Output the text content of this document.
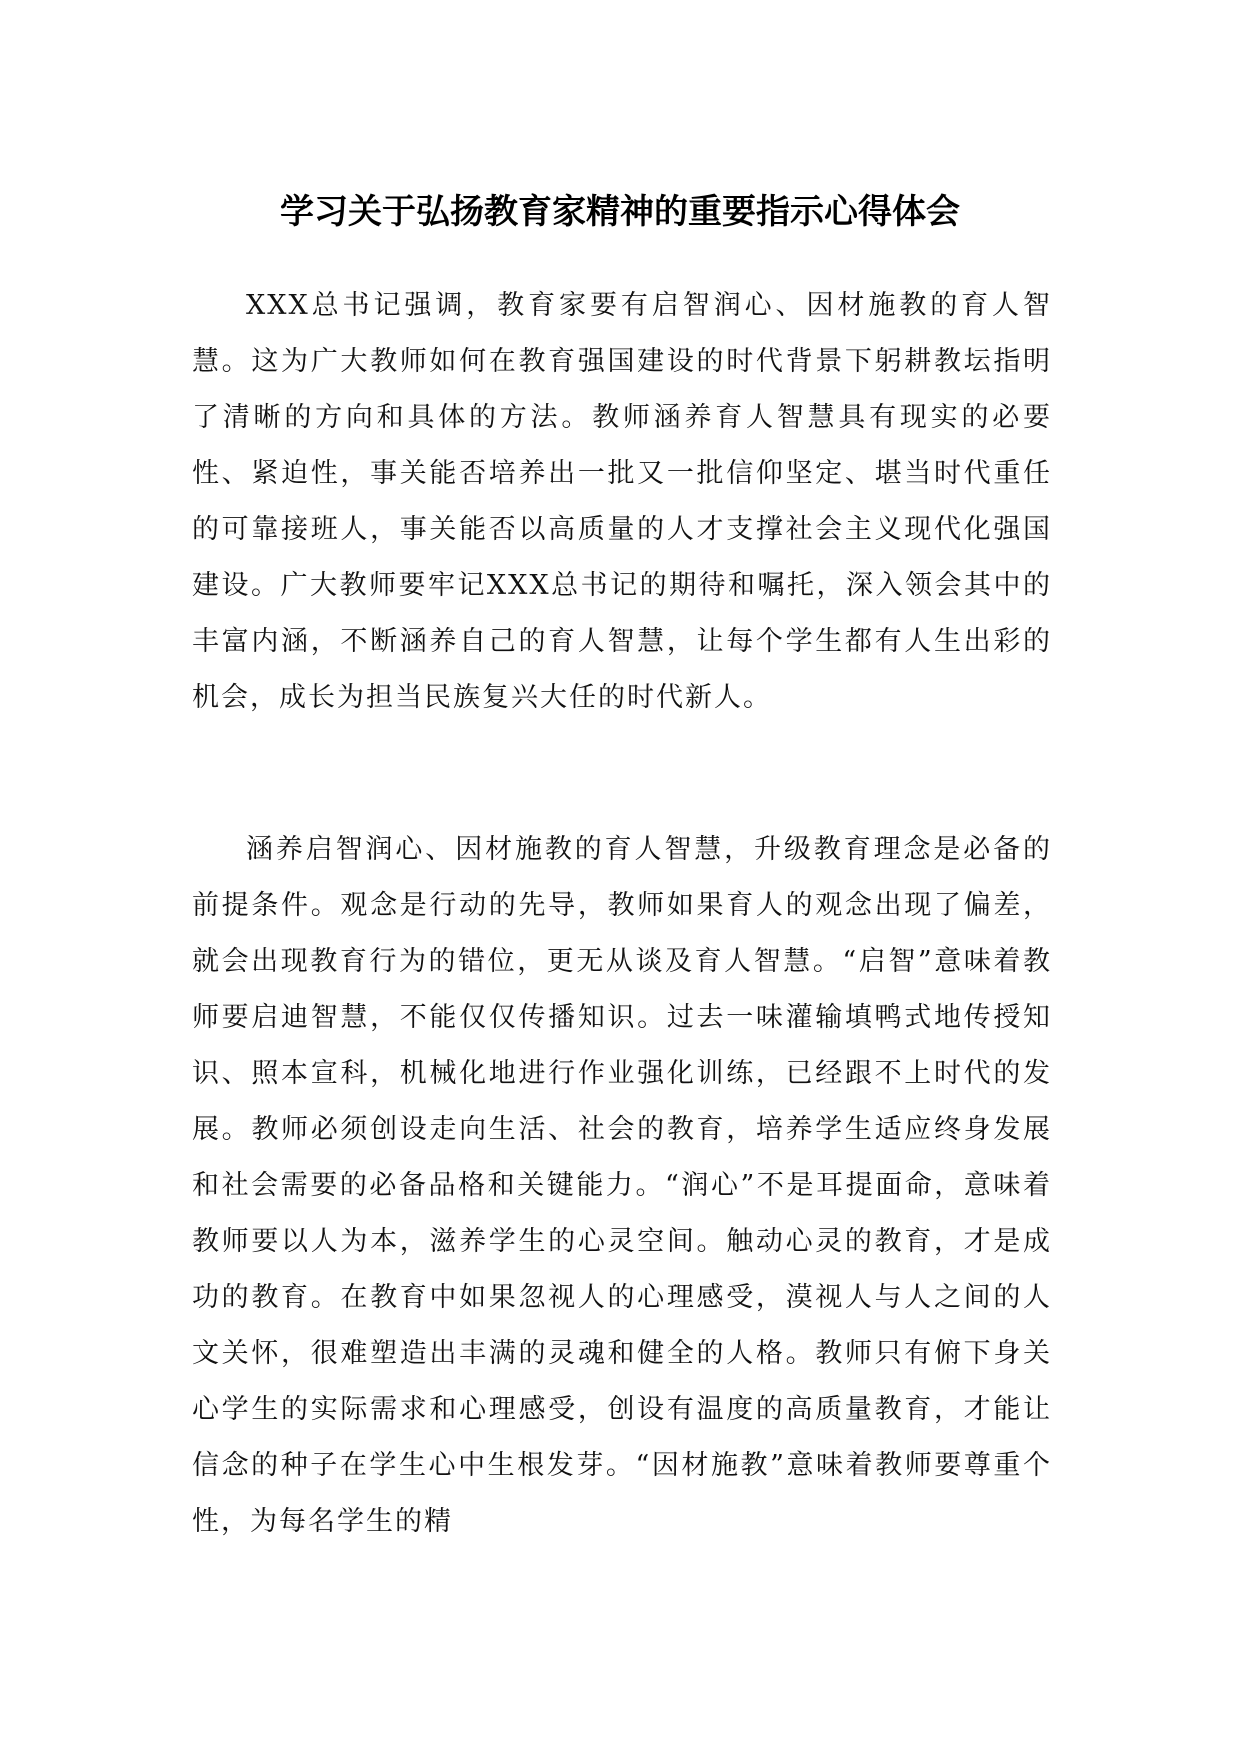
学习关于弘扬教育家精神的重要指示心得体会

XXX总书记强调，教育家要有启智润心、因材施教的育人智慧。这为广大教师如何在教育强国建设的时代背景下躬耕教坛指明了清晰的方向和具体的方法。教师涵养育人智慧具有现实的必要性、紧迫性，事关能否培养出一批又一批信仰坚定、堪当时代重任的可靠接班人，事关能否以高质量的人才支撑社会主义现代化强国建设。广大教师要牢记XXX总书记的期待和嘱托，深入领会其中的丰富内涵，不断涵养自己的育人智慧，让每个学生都有人生出彩的机会，成长为担当民族复兴大任的时代新人。

涵养启智润心、因材施教的育人智慧，升级教育理念是必备的前提条件。观念是行动的先导，教师如果育人的观念出现了偏差，就会出现教育行为的错位，更无从谈及育人智慧。“启智”意味着教师要启迪智慧，不能仅仅传播知识。过去一味灌输填鸭式地传授知识、照本宣科，机械化地进行作业强化训练，已经跟不上时代的发展。教师必须创设走向生活、社会的教育，培养学生适应终身发展和社会需要的必备品格和关键能力。“润心”不是耳提面命，意味着教师要以人为本，滋养学生的心灵空间。触动心灵的教育，才是成功的教育。在教育中如果忽视人的心理感受，漠视人与人之间的人文关怀，很难塑造出丰满的灵魂和健全的人格。教师只有俯下身关心学生的实际需求和心理感受，创设有温度的高质量教育，才能让信念的种子在学生心中生根发芽。“因材施教”意味着教师要尊重个性，为每名学生的精
